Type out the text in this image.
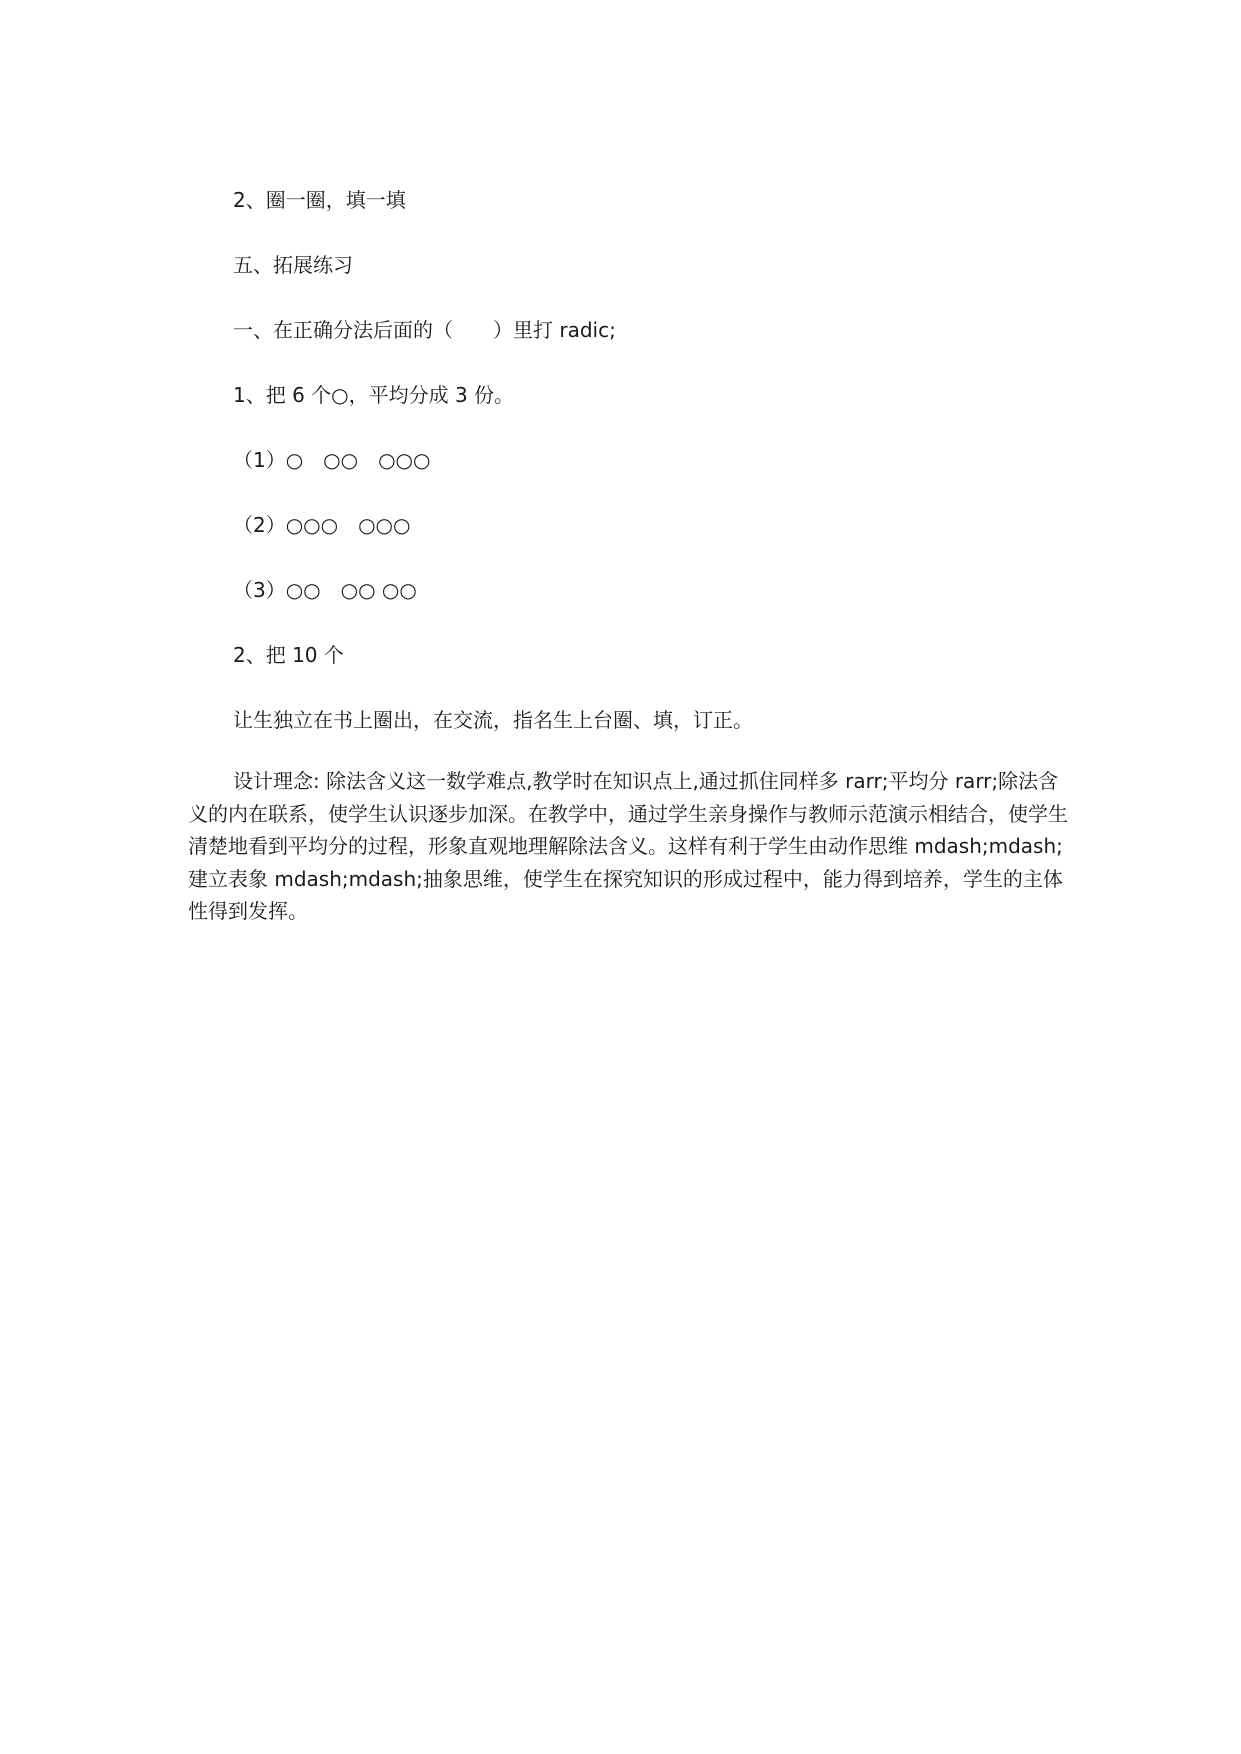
2、圈一圈，填一填
五、拓展练习
一、在正确分法后面的（　　）里打 radic;
1、把 6 个○，平均分成 3 份。
（1）○　○○　○○○
（2）○○○　○○○
（3）○○　○○ ○○
2、把 10 个
让生独立在书上圈出，在交流，指名生上台圈、填，订正。
设计理念: 除法含义这一数学难点,教学时在知识点上,通过抓住同样多 rarr;平均分 rarr;除法含义的内在联系，使学生认识逐步加深。在教学中，通过学生亲身操作与教师示范演示相结合，使学生清楚地看到平均分的过程，形象直观地理解除法含义。这样有利于学生由动作思维 mdash;mdash;建立表象 mdash;mdash;抽象思维，使学生在探究知识的形成过程中，能力得到培养，学生的主体性得到发挥。
